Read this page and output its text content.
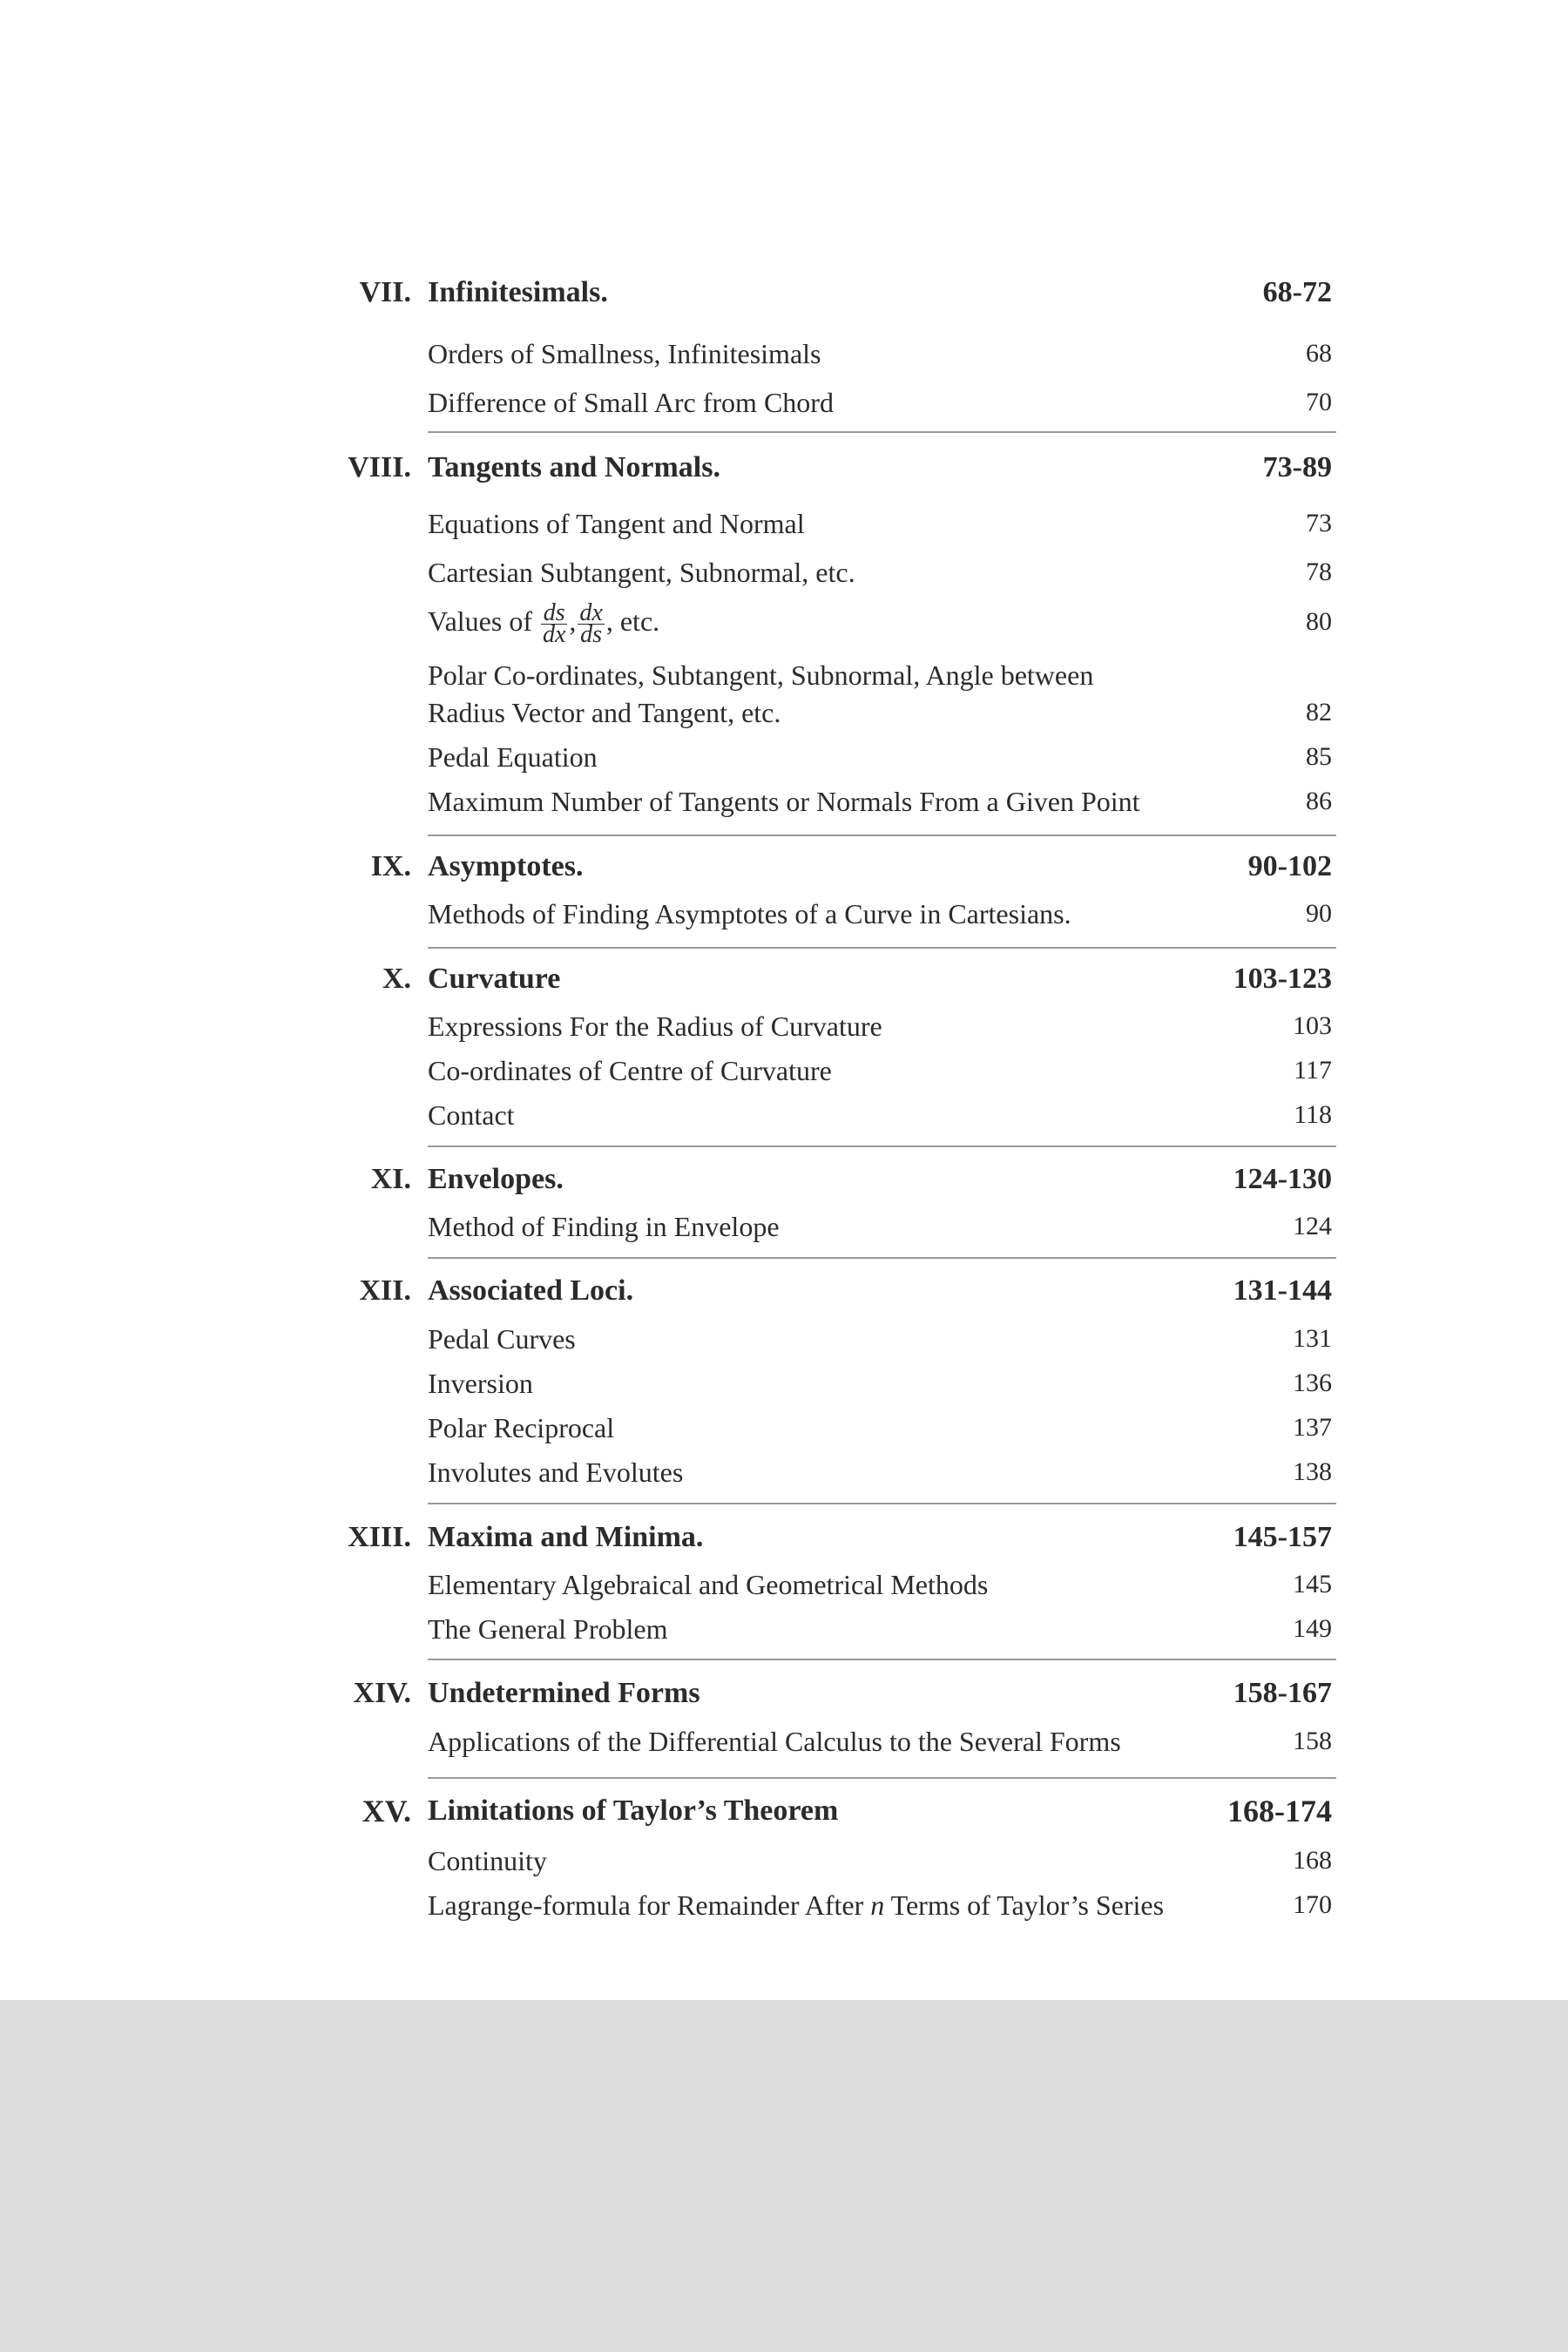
VII. Infinitesimals.	68-72
Orders of Smallness, Infinitesimals	68
Difference of Small Arc from Chord	70
VIII. Tangents and Normals.	73-89
Equations of Tangent and Normal	73
Cartesian Subtangent, Subnormal, etc.	78
Values of $\frac{ds}{dx}$ , $\frac{dx}{ds}$ , etc.	80
Polar Co-ordinates, Subtangent, Subnormal, Angle between
Radius Vector and Tangent, etc.	82
Pedal Equation	85
Maximum Number of Tangents or Normals From a Given Point	86
IX. Asymptotes.	90-102
Methods of Finding Asymptotes of a Curve in Cartesians.	90
X. Curvature	103-123
Expressions For the Radius of Curvature	103
Co-ordinates of Centre of Curvature	117
Contact	118
XI. Envelopes.	124-130
Method of Finding in Envelope	124
XII. Associated Loci.	131-144
Pedal Curves	131
Inversion	136
Polar Reciprocal	137
Involutes and Evolutes	138
XIII. Maxima and Minima.	145-157
Elementary Algebraical and Geometrical Methods	145
The General Problem	149
XIV. Undetermined Forms	158-167
Applications of the Differential Calculus to the Several Forms	158
XV. Limitations of Taylor’s Theorem	168-174
Continuity	168
Lagrange-formula for Remainder After n Terms of Taylor’s Series	170
